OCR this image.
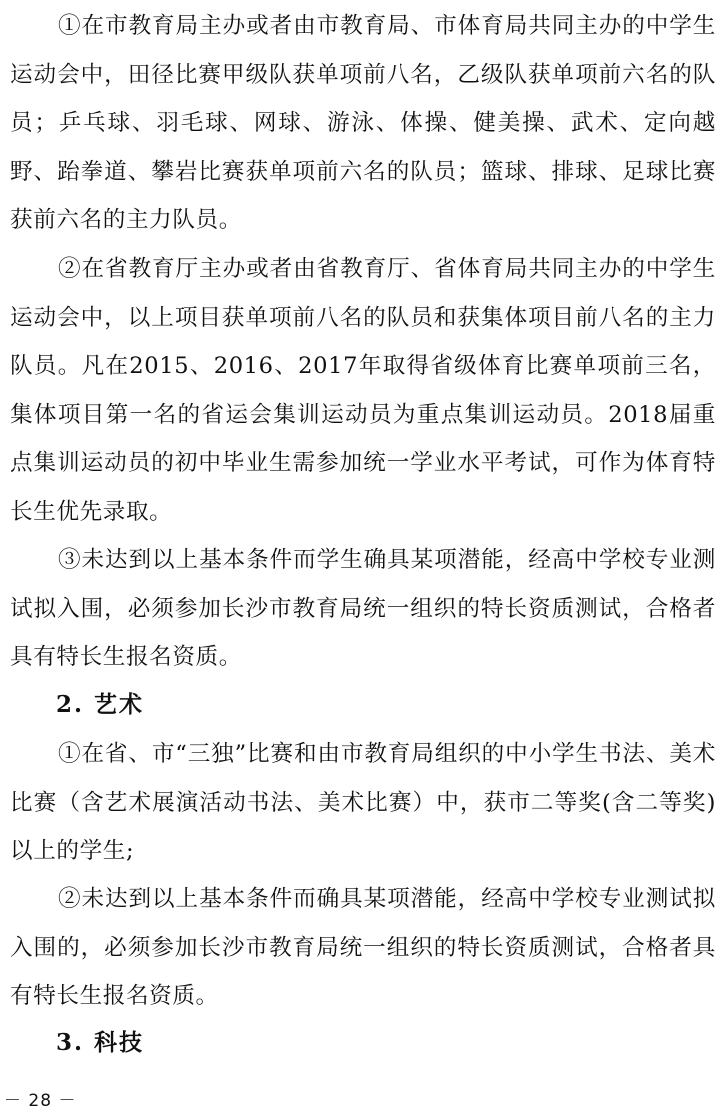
①在市教育局主办或者由市教育局、市体育局共同主办的中学生运动会中，田径比赛甲级队获单项前八名，乙级队获单项前六名的队员；乒乓球、羽毛球、网球、游泳、体操、健美操、武术、定向越野、跆拳道、攀岩比赛获单项前六名的队员；篮球、排球、足球比赛获前六名的主力队员。

②在省教育厅主办或者由省教育厅、省体育局共同主办的中学生运动会中，以上项目获单项前八名的队员和获集体项目前八名的主力队员。凡在2015、2016、2017年取得省级体育比赛单项前三名，集体项目第一名的省运会集训运动员为重点集训运动员。2018届重点集训运动员的初中毕业生需参加统一学业水平考试，可作为体育特长生优先录取。

③未达到以上基本条件而学生确具某项潜能，经高中学校专业测试拟入围，必须参加长沙市教育局统一组织的特长资质测试，合格者具有特长生报名资质。

2. 艺术

①在省、市“三独”比赛和由市教育局组织的中小学生书法、美术比赛（含艺术展演活动书法、美术比赛）中，获市二等奖(含二等奖)以上的学生;

②未达到以上基本条件而确具某项潜能，经高中学校专业测试拟入围的，必须参加长沙市教育局统一组织的特长资质测试，合格者具有特长生报名资质。

3. 科技
－ 28 －
